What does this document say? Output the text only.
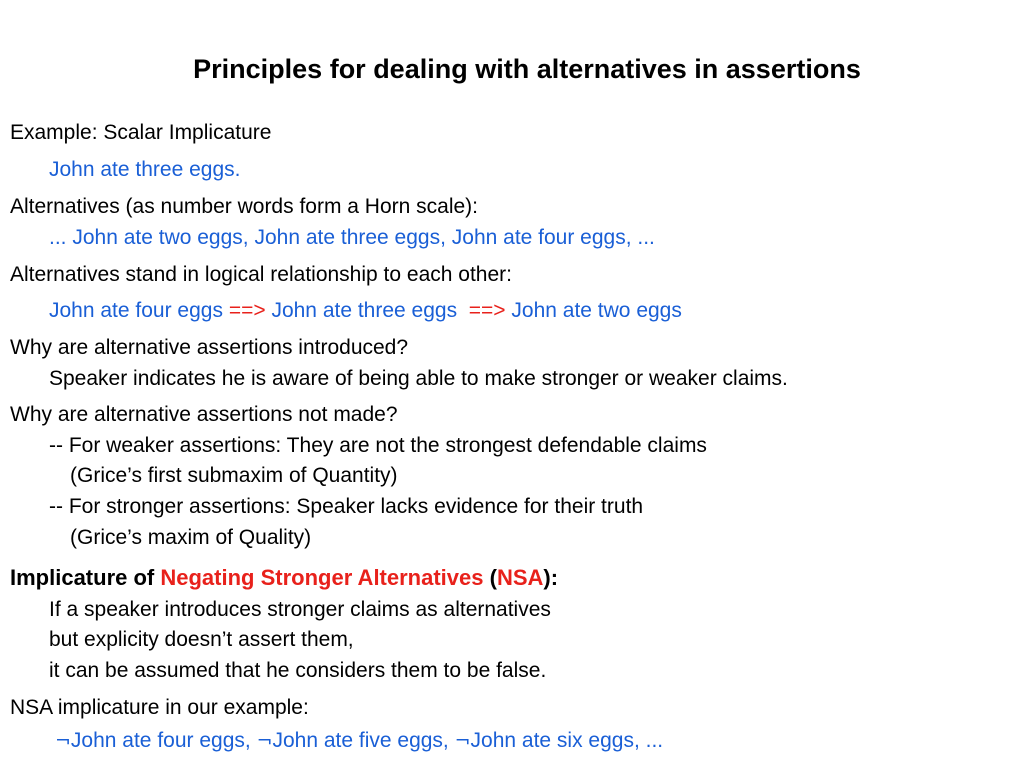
Principles for dealing with alternatives in assertions
Example: Scalar Implicature
John ate three eggs.
Alternatives (as number words form a Horn scale):
... John ate two eggs, John ate three eggs, John ate four eggs, ...
Alternatives stand in logical relationship to each other:
John ate four eggs ==> John ate three eggs ==> John ate two eggs
Why are alternative assertions introduced?
Speaker indicates he is aware of being able to make stronger or weaker claims.
Why are alternative assertions not made?
-- For weaker assertions: They are not the strongest defendable claims
(Grice’s first submaxim of Quantity)
-- For stronger assertions: Speaker lacks evidence for their truth
(Grice’s maxim of Quality)
Implicature of Negating Stronger Alternatives (NSA):
If a speaker introduces stronger claims as alternatives
but explicity doesn’t assert them,
it can be assumed that he considers them to be false.
NSA implicature in our example:
¬John ate four eggs, ¬John ate five eggs, ¬John ate six eggs, ...
